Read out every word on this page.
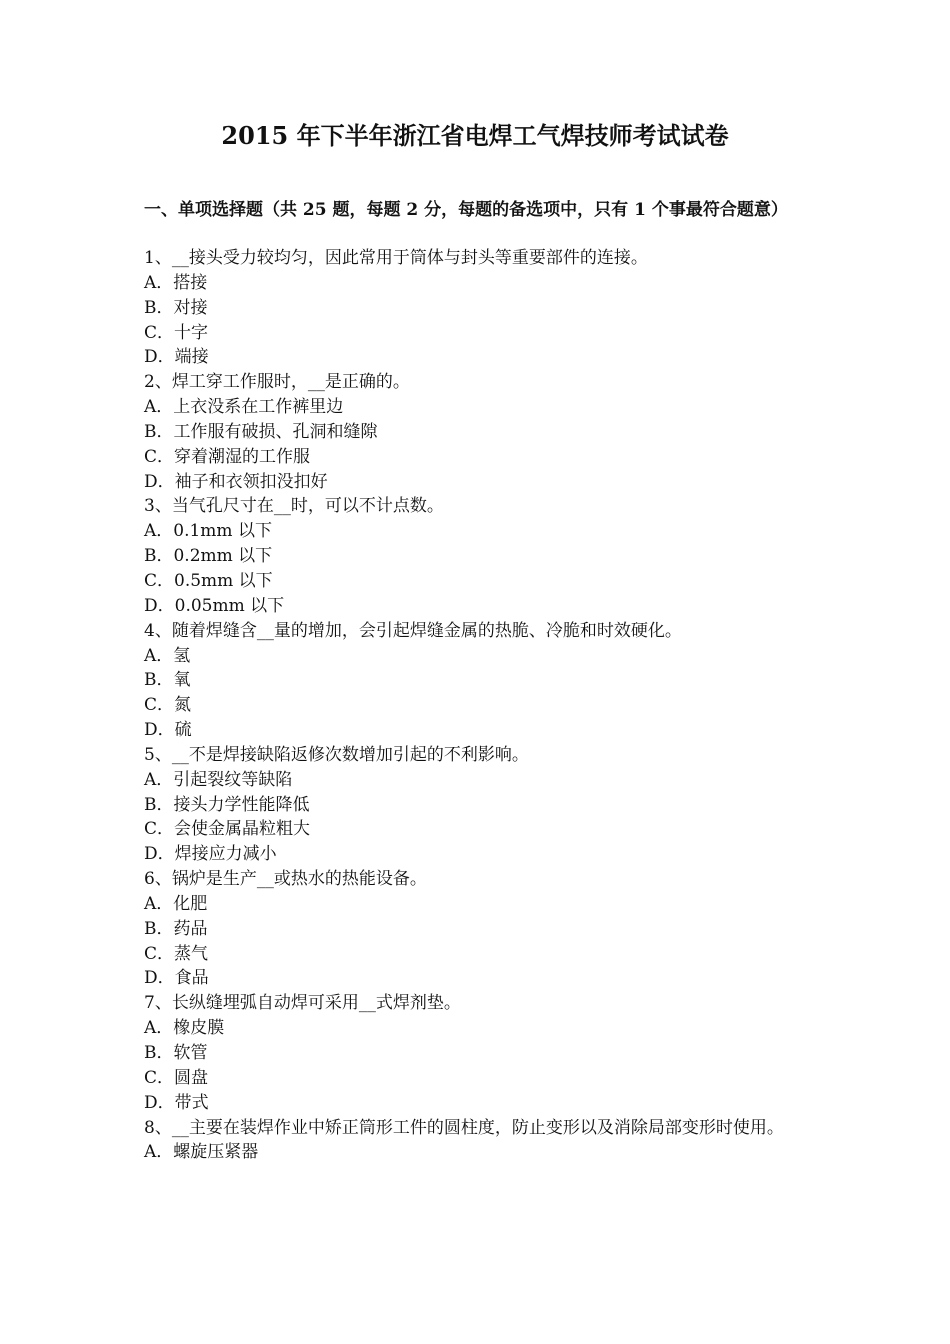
2015 年下半年浙江省电焊工气焊技师考试试卷

一、单项选择题（共 25 题，每题 2 分，每题的备选项中，只有 1 个事最符合题意）

1、__接头受力较均匀，因此常用于筒体与封头等重要部件的连接。

A．搭接

B．对接

C．十字

D．端接

2、焊工穿工作服时，__是正确的。

A．上衣没系在工作裤里边

B．工作服有破损、孔洞和缝隙

C．穿着潮湿的工作服

D．袖子和衣领扣没扣好

3、当气孔尺寸在__时，可以不计点数。

A．0.1mm 以下

B．0.2mm 以下

C．0.5mm 以下

D．0.05mm 以下

4、随着焊缝含__量的增加，会引起焊缝金属的热脆、冷脆和时效硬化。

A．氢

B．氧

C．氮

D．硫

5、__不是焊接缺陷返修次数增加引起的不利影响。

A．引起裂纹等缺陷

B．接头力学性能降低

C．会使金属晶粒粗大

D．焊接应力减小

6、锅炉是生产__或热水的热能设备。

A．化肥

B．药品

C．蒸气

D．食品

7、长纵缝埋弧自动焊可采用__式焊剂垫。

A．橡皮膜

B．软管

C．圆盘

D．带式

8、__主要在装焊作业中矫正筒形工件的圆柱度，防止变形以及消除局部变形时使用。

A．螺旋压紧器
